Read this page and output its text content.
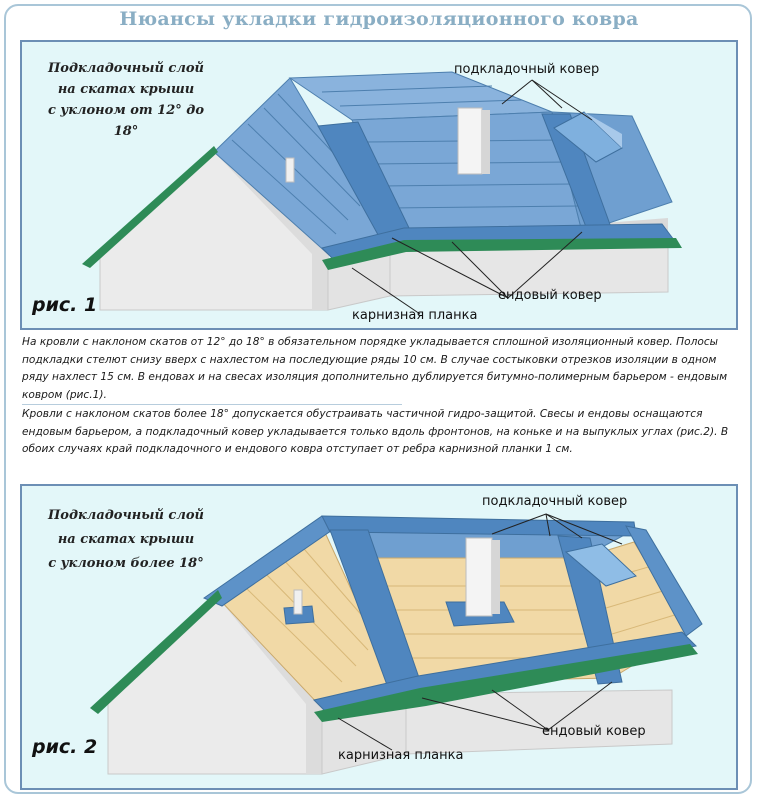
Нюансы укладки гидроизоляционного ковра
Подкладочный слой
на скатах крыши
с уклоном от 12° до 18°
подкладочный ковер
ендовый ковер
карнизная планка
рис. 1
На кровли с наклоном скатов от 12° до 18° в обязательном порядке укладывается сплошной изоляционный ковер. Полосы подкладки стелют снизу вверх с нахлестом на последующие ряды 10 см. В случае состыковки отрезков изоляции в одном ряду нахлест 15 см. В ендовах и на свесах изоляция дополнительно дублируется битумно-полимерным барьером - ендовым ковром (рис.1).
Кровли с наклоном скатов более 18° допускается обустраивать частичной гидро-защитой. Свесы и ендовы оснащаются ендовым барьером, а подкладочный ковер укладывается только вдоль фронтонов, на коньке и на выпуклых углах (рис.2). В обоих случаях край подкладочного и ендового ковра отступает от ребра карнизной планки 1 см.
Подкладочный слой
на скатах крыши
с уклоном более 18°
подкладочный ковер
ендовый ковер
карнизная планка
рис. 2
